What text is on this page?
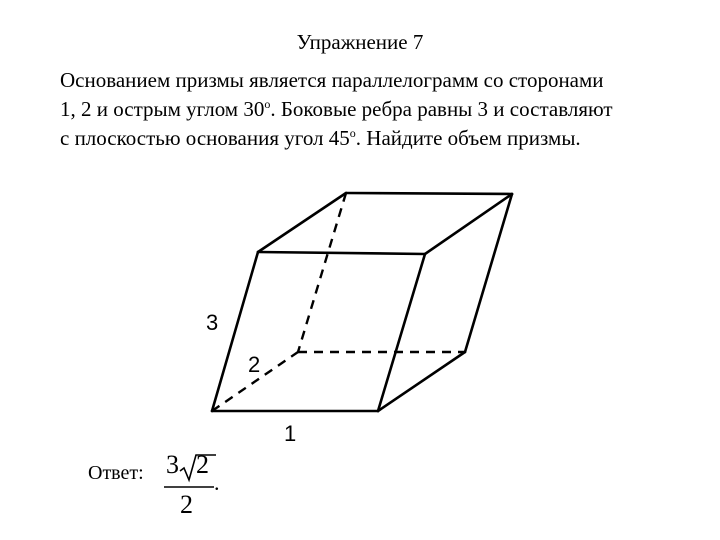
Упражнение 7
Основанием призмы является параллелограмм со сторонами
1, 2 и острым углом 30$^o$. Боковые ребра равны 3 и составляют
с плоскостью основания угол 45$^o$. Найдите объем призмы.
3
2
1
Ответ: 3 2
2
.
